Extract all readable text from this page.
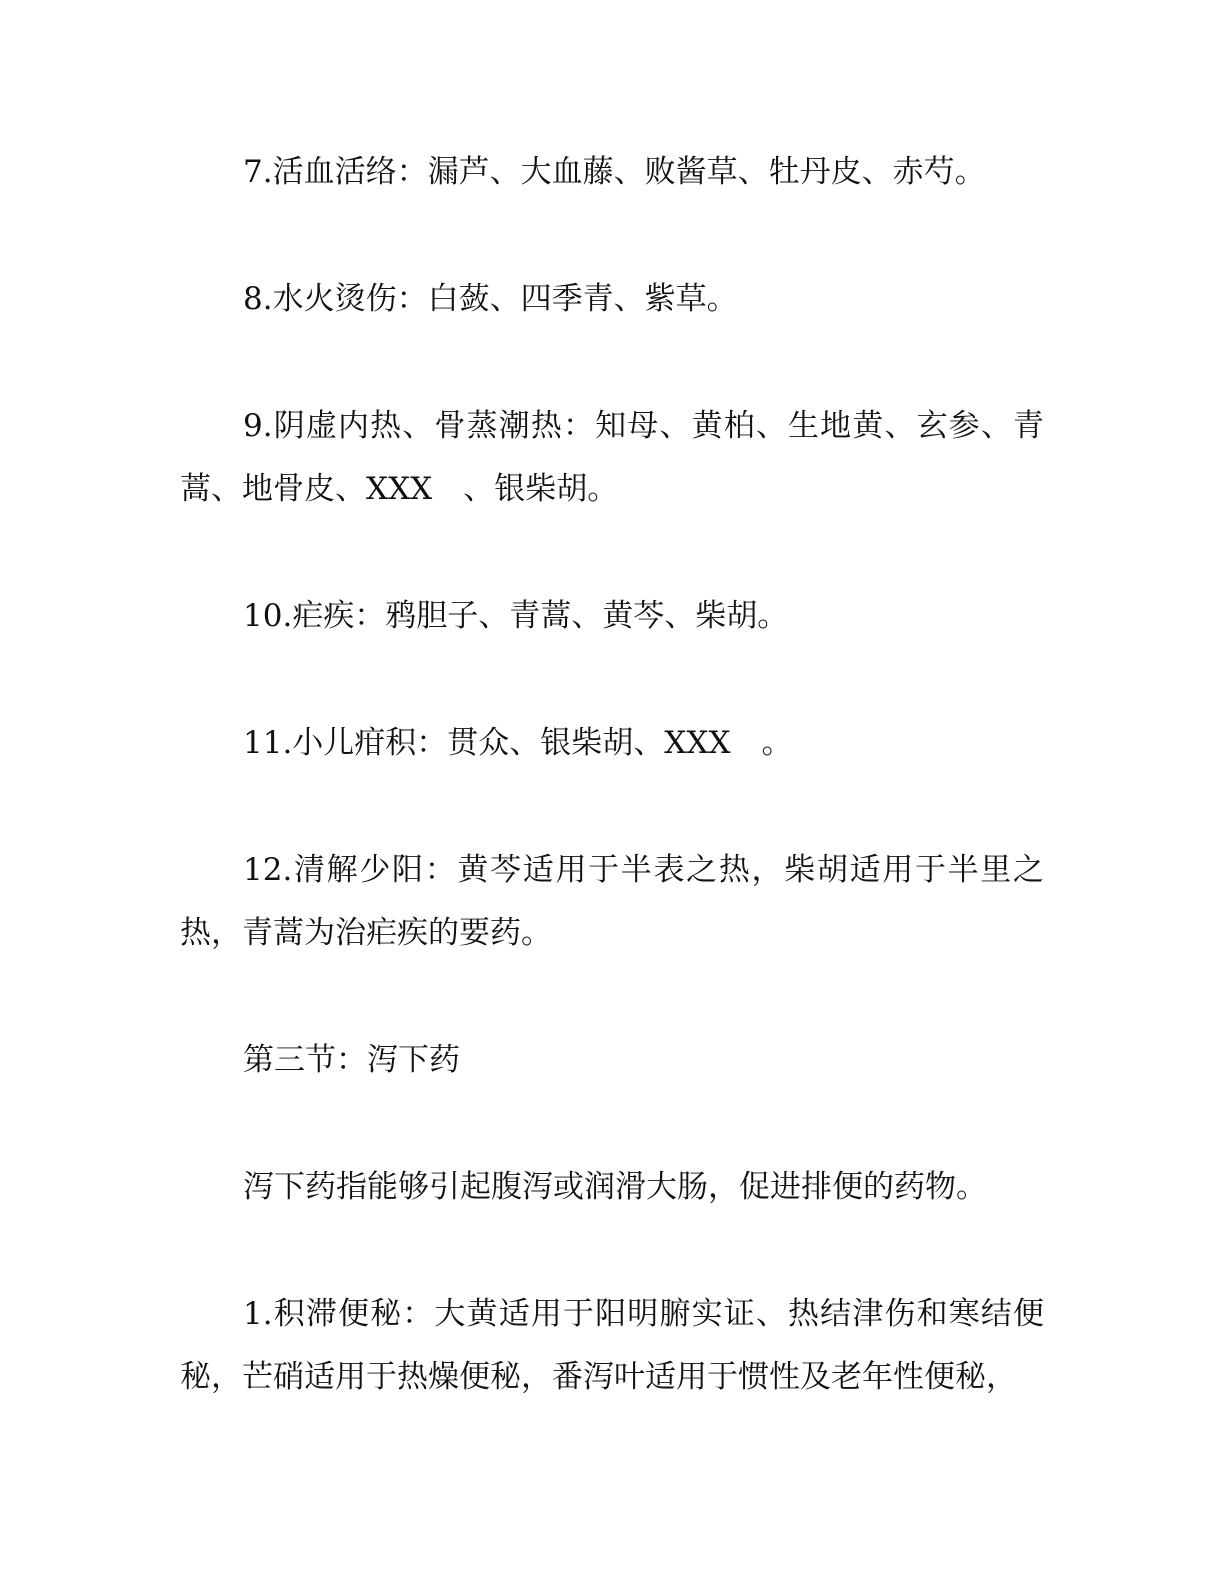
7.活血活络：漏芦、大血藤、败酱草、牡丹皮、赤芍。

8.水火烫伤：白蔹、四季青、紫草。

9.阴虚内热、骨蒸潮热：知母、黄柏、生地黄、玄参、青蒿、地骨皮、XXX　、银柴胡。

10.疟疾：鸦胆子、青蒿、黄芩、柴胡。

11.小儿疳积：贯众、银柴胡、XXX　。

12.清解少阳：黄芩适用于半表之热，柴胡适用于半里之热，青蒿为治疟疾的要药。

第三节：泻下药

泻下药指能够引起腹泻或润滑大肠，促进排便的药物。

1.积滞便秘：大黄适用于阳明腑实证、热结津伤和寒结便秘，芒硝适用于热燥便秘，番泻叶适用于惯性及老年性便秘，
